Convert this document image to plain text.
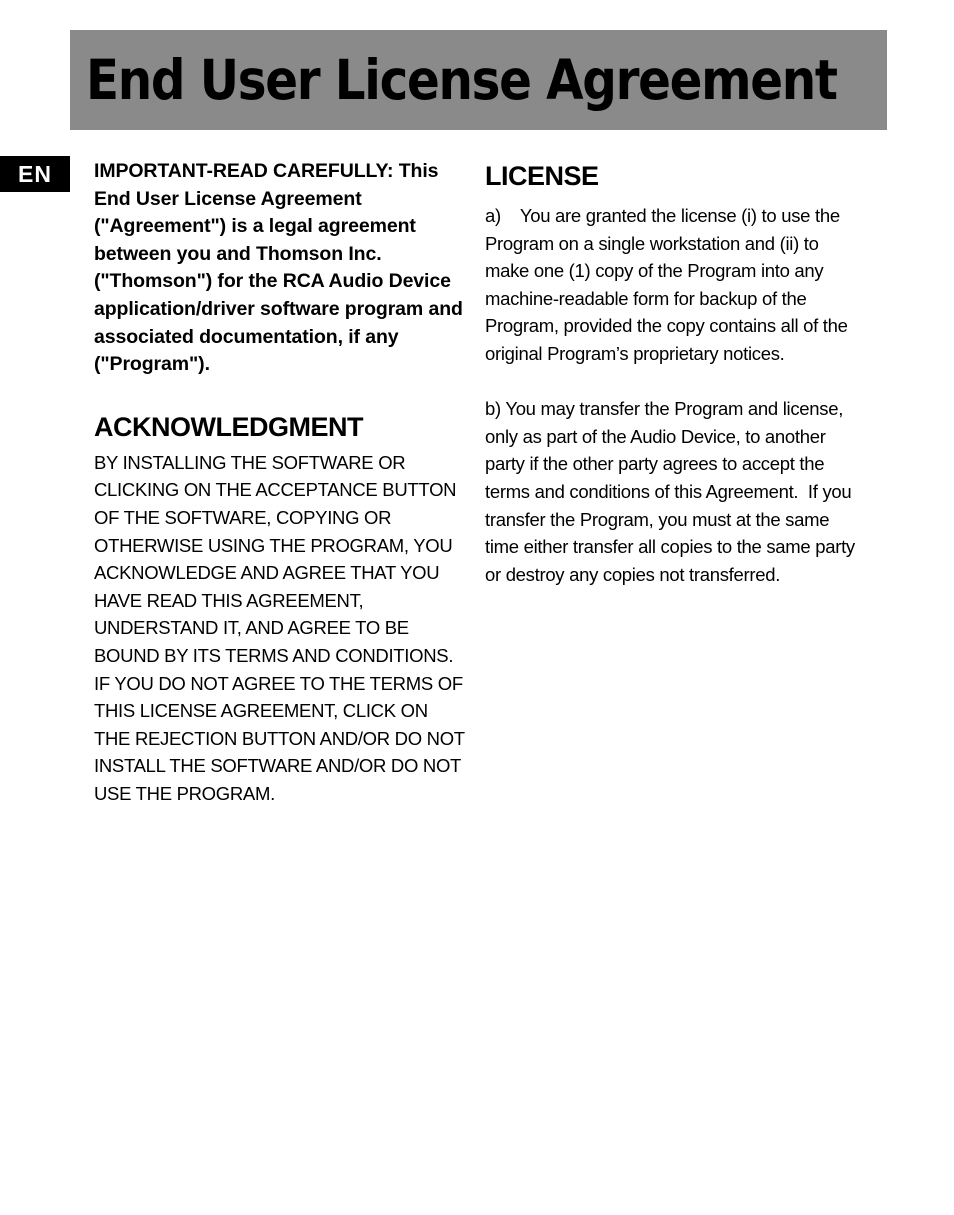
End User License Agreement
EN	IMPORTANT-READ CAREFULLY: This End User License Agreement ("Agreement") is a legal agreement between you and Thomson Inc. ("Thomson") for the RCA Audio Device application/driver software program and associated documentation, if any ("Program").

ACKNOWLEDGMENT

BY INSTALLING THE SOFTWARE OR CLICKING ON THE ACCEPTANCE BUTTON OF THE SOFTWARE, COPYING OR OTHERWISE USING THE PROGRAM, YOU ACKNOWLEDGE AND AGREE THAT YOU HAVE READ THIS AGREEMENT, UNDERSTAND IT, AND AGREE TO BE BOUND BY ITS TERMS AND CONDITIONS. IF YOU DO NOT AGREE TO THE TERMS OF THIS LICENSE AGREEMENT, CLICK ON THE REJECTION BUTTON AND/OR DO NOT INSTALL THE SOFTWARE AND/OR DO NOT USE THE PROGRAM.

LICENSE

a)    You are granted the license (i) to use the Program on a single workstation and (ii) to make one (1) copy of the Program into any machine-readable form for backup of the Program, provided the copy contains all of the original Program’s proprietary notices.

b) You may transfer the Program and license, only as part of the Audio Device, to another party if the other party agrees to accept the terms and conditions of this Agreement.  If you transfer the Program, you must at the same time either transfer all copies to the same party or destroy any copies not transferred.
